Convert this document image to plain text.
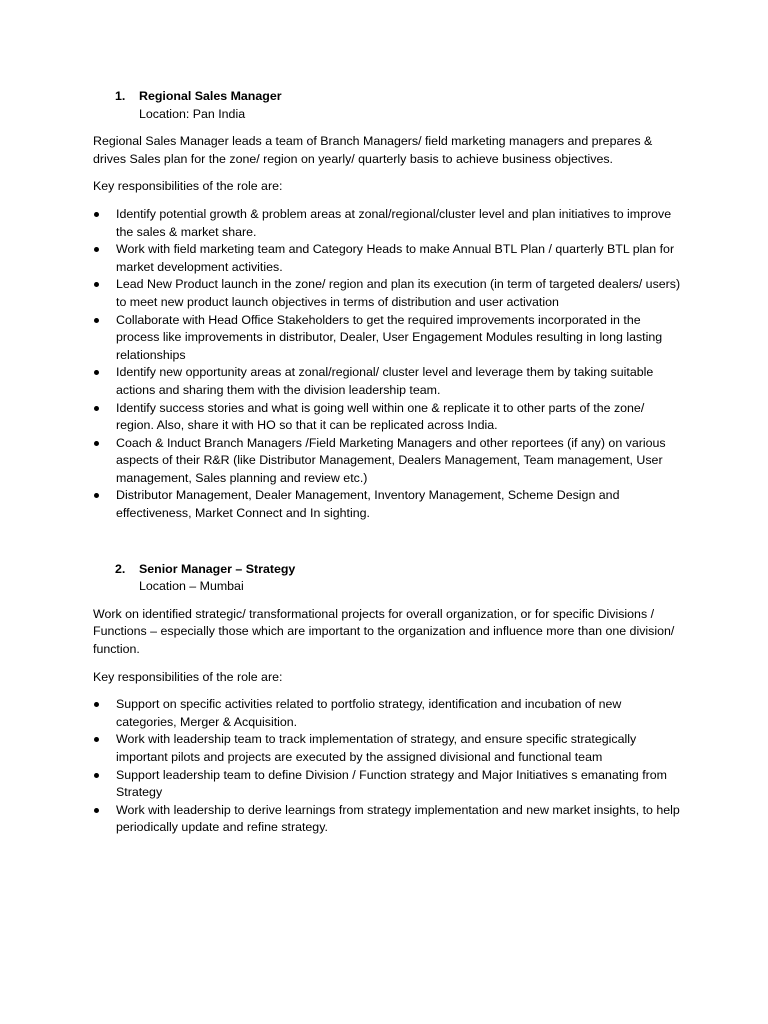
1.	Regional Sales Manager
Location: Pan India

Regional Sales Manager leads a team of Branch Managers/ field marketing managers and prepares & drives Sales plan for the zone/ region on yearly/ quarterly basis to achieve business objectives.

Key responsibilities of the role are:

Identify potential growth & problem areas at zonal/regional/cluster level and plan initiatives to improve the sales & market share.
Work with field marketing team and Category Heads to make Annual BTL Plan / quarterly BTL plan for market development activities.
Lead New Product launch in the zone/ region and plan its execution (in term of targeted dealers/ users) to meet new product launch objectives in terms of distribution and user activation
Collaborate with Head Office Stakeholders to get the required improvements incorporated in the process like improvements in distributor, Dealer, User Engagement Modules resulting in long lasting relationships
Identify new opportunity areas at zonal/regional/ cluster level and leverage them by taking suitable actions and sharing them with the division leadership team.
Identify success stories and what is going well within one & replicate it to other parts of the zone/ region. Also, share it with HO so that it can be replicated across India.
Coach & Induct Branch Managers /Field Marketing Managers and other reportees (if any) on various aspects of their R&R (like Distributor Management, Dealers Management, Team management, User management, Sales planning and review etc.)
Distributor Management, Dealer Management, Inventory Management, Scheme Design and effectiveness, Market Connect and In sighting.
2.	Senior Manager – Strategy
Location – Mumbai

Work on identified strategic/ transformational projects for overall organization, or for specific Divisions / Functions – especially those which are important to the organization and influence more than one division/ function.

Key responsibilities of the role are:

Support on specific activities related to portfolio strategy, identification and incubation of new categories, Merger & Acquisition.
Work with leadership team to track implementation of strategy, and ensure specific strategically important pilots and projects are executed by the assigned divisional and functional team
Support leadership team to define Division / Function strategy and Major Initiatives s emanating from Strategy
Work with leadership to derive learnings from strategy implementation and new market insights, to help periodically update and refine strategy.
